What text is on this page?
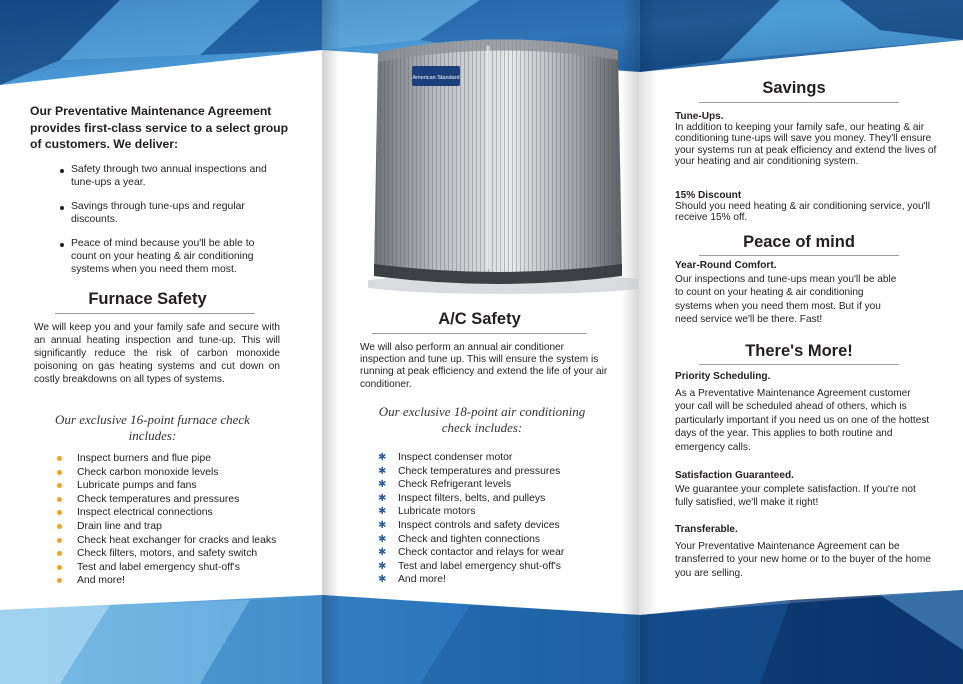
Our Preventative Maintenance Agreement provides first-class service to a select group of customers. We deliver:
Safety through two annual inspections and tune-ups a year.
Savings through tune-ups and regular discounts.
Peace of mind because you'll be able to count on your heating & air conditioning systems when you need them most.
Furnace Safety
We will keep you and your family safe and secure with an annual heating inspection and tune-up. This will significantly reduce the risk of carbon monoxide poisoning on gas heating systems and cut down on costly breakdowns on all types of systems.
Our exclusive 16-point furnace check includes:
Inspect burners and flue pipe
Check carbon monoxide levels
Lubricate pumps and fans
Check temperatures and pressures
Inspect electrical connections
Drain line and trap
Check heat exchanger for cracks and leaks
Check filters, motors, and safety switch
Test and label emergency shut-off's
And more!
American Standard
A/C Safety
We will also perform an annual air conditioner inspection and tune up. This will ensure the system is running at peak efficiency and extend the life of your air conditioner.
Our exclusive 18-point air conditioning check includes:
✱ Inspect condenser motor
✱ Check temperatures and pressures
✱ Check Refrigerant levels
✱ Inspect filters, belts, and pulleys
✱ Lubricate motors
✱ Inspect controls and safety devices
✱ Check and tighten connections
✱ Check contactor and relays for wear
✱ Test and label emergency shut-off's
✱ And more!
Savings
Tune-Ups.
In addition to keeping your family safe, our heating & air conditioning tune-ups will save you money. They'll ensure your systems run at peak efficiency and extend the lives of your heating and air conditioning system.
15% Discount
Should you need heating & air conditioning service, you'll receive 15% off.
Peace of mind
Year-Round Comfort.
Our inspections and tune-ups mean you'll be able to count on your heating & air conditioning systems when you need them most. But if you need service we'll be there. Fast!
There's More!
Priority Scheduling.
As a Preventative Maintenance Agreement customer your call will be scheduled ahead of others, which is particularly important if you need us on one of the hottest days of the year. This applies to both routine and emergency calls.
Satisfaction Guaranteed.
We guarantee your complete satisfaction. If you're not fully satisfied, we'll make it right!
Transferable.
Your Preventative Maintenance Agreement can be transferred to your new home or to the buyer of the home you are selling.
